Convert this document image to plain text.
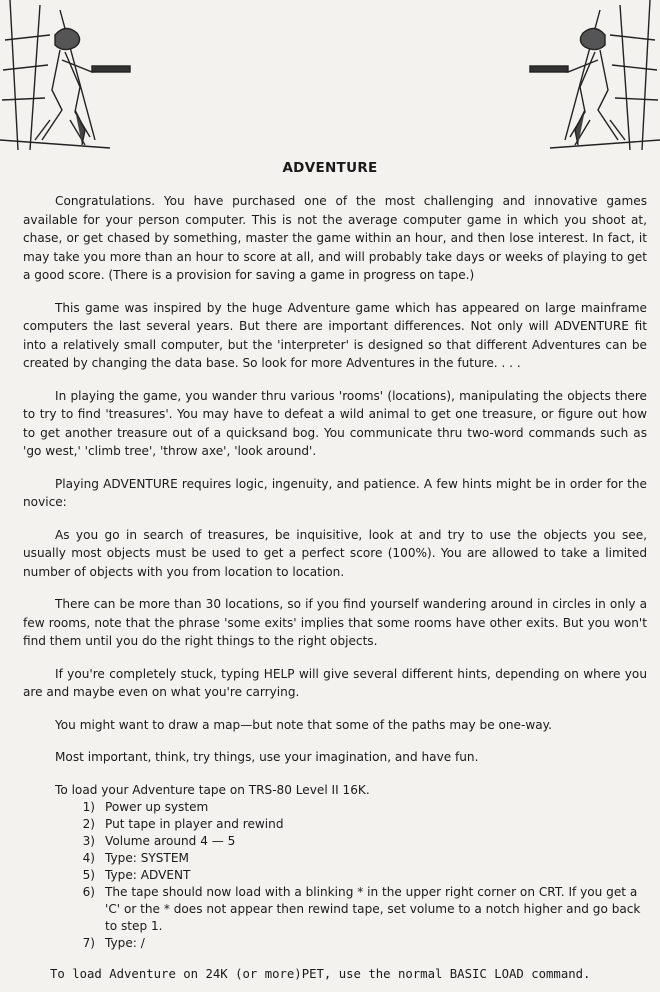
ADVENTURE

Congratulations. You have purchased one of the most challenging and innovative games available for your person computer. This is not the average computer game in which you shoot at, chase, or get chased by something, master the game within an hour, and then lose interest. In fact, it may take you more than an hour to score at all, and will probably take days or weeks of playing to get a good score. (There is a provision for saving a game in progress on tape.)

This game was inspired by the huge Adventure game which has appeared on large mainframe computers the last several years. But there are important differences. Not only will ADVENTURE fit into a relatively small computer, but the 'interpreter' is designed so that different Adventures can be created by changing the data base. So look for more Adventures in the future. . . .

In playing the game, you wander thru various 'rooms' (locations), manipulating the objects there to try to find 'treasures'. You may have to defeat a wild animal to get one treasure, or figure out how to get another treasure out of a quicksand bog. You communicate thru two-word commands such as 'go west,' 'climb tree', 'throw axe', 'look around'.

Playing ADVENTURE requires logic, ingenuity, and patience. A few hints might be in order for the novice:

As you go in search of treasures, be inquisitive, look at and try to use the objects you see, usually most objects must be used to get a perfect score (100%). You are allowed to take a limited number of objects with you from location to location.

There can be more than 30 locations, so if you find yourself wandering around in circles in only a few rooms, note that the phrase 'some exits' implies that some rooms have other exits. But you won't find them until you do the right things to the right objects.

If you're completely stuck, typing HELP will give several different hints, depending on where you are and maybe even on what you're carrying.

You might want to draw a map—but note that some of the paths may be one-way.

Most important, think, try things, use your imagination, and have fun.

To load your Adventure tape on TRS-80 Level II 16K.

1) Power up system
2) Put tape in player and rewind
3) Volume around 4 — 5
4) Type: SYSTEM
5) Type: ADVENT
6) The tape should now load with a blinking * in the upper right corner on CRT. If you get a 'C' or the * does not appear then rewind tape, set volume to a notch higher and go back to step 1.
7) Type: /
To load Adventure on 24K (or more)PET, use the normal BASIC LOAD command.
